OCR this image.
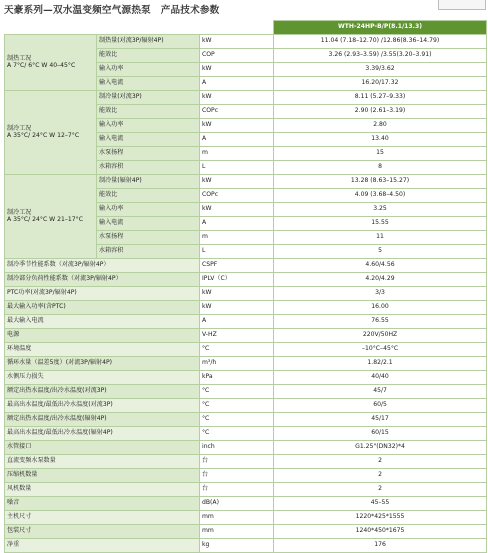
天豪系列—双水温变频空气源热泵　产品技术参数
			WTH-24HP-B/P(8.1/13.3)

制热工况
A 7°C/ 6°C W 40–45°C	制热量(对流3P/辐射4P)	kW	11.04 (7.18–12.70) /12.86(8.36–14.79)
	能效比	COP	3.26 (2.93–3.59) /3.55(3.20–3.91)
	输入功率	kW	3.39/3.62
	输入电流	A	16.20/17.32

制冷工况
A 35°C/ 24°C W 12–7°C	制冷量(对流3P)	kW	8.11 (5.27–9.33)
	能效比	COPc	2.90 (2.61–3.19)
	输入功率	kW	2.80
	输入电流	A	13.40
	水泵扬程	m	15
	水箱容积	L	8

制冷工况
A 35°C/ 24°C W 21–17°C	制冷量(辐射4P)	kW	13.28 (8.63–15.27)
	能效比	COPc	4.09 (3.68–4.50)
	输入功率	kW	3.25
	输入电流	A	15.55
	水泵扬程	m	11
	水箱容积	L	5
制冷季节性能系数（对流3P/辐射4P）		CSPF	4.60/4.56
制冷部分负荷性能系数（对流3P/辐射4P）		IPLV（C）	4.20/4.29
PTC功率(对流3P/辐射4P)		kW	3/3
最大输入功率(含PTC)		kW	16.00
最大输入电流		A	76.55
电源		V-HZ	220V/50HZ
环境温度		°C	–10°C–45°C
循环水量（温差5度）(对流3P/辐射4P)		m³/h	1.82/2.1
水侧压力损失		kPa	40/40
额定出热水温度/出冷水温度(对流3P)		°C	45/7
最高出水温度/最低出冷水温度(对流3P)		°C	60/5
额定出热水温度/出冷水温度(辐射4P)		°C	45/17
最高出水温度/最低出冷水温度(辐射4P)		°C	60/15
水管接口		inch	G1.25"(DN32)*4
直流变频水泵数量		台	2
压缩机数量		台	2
风机数量		台	2
噪音		dB(A)	45–55
主机尺寸		mm	1220*425*1555
包装尺寸		mm	1240*450*1675
净重		kg	176
